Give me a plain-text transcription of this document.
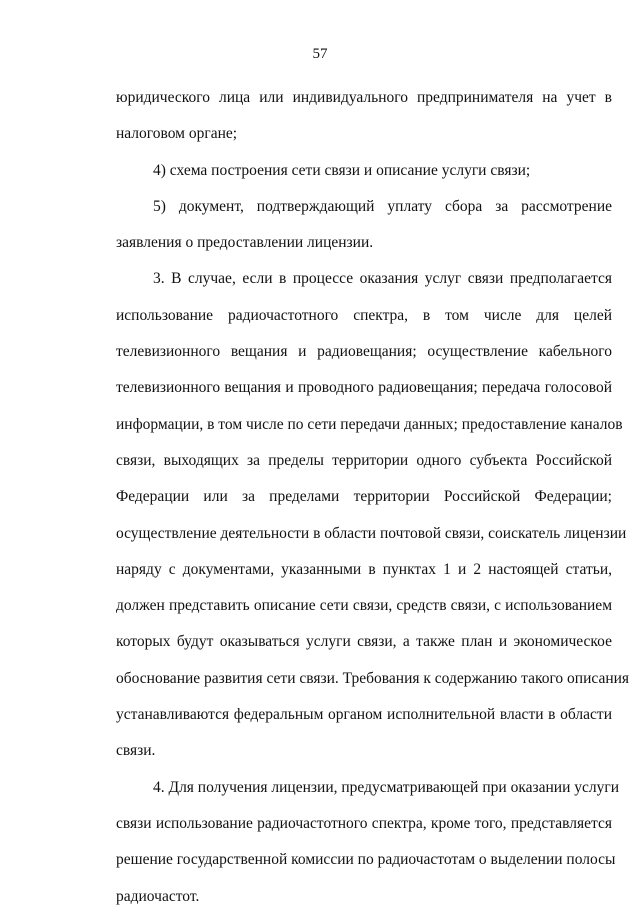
57
юридического лица или индивидуального предпринимателя на учет в
налоговом органе;
4) схема построения сети связи и описание услуги связи;
5) документ, подтверждающий уплату сбора за рассмотрение
заявления о предоставлении лицензии.
3. В случае, если в процессе оказания услуг связи предполагается
использование радиочастотного спектра, в том числе для целей
телевизионного вещания и радиовещания; осуществление кабельного
телевизионного вещания и проводного радиовещания; передача голосовой
информации, в том числе по сети передачи данных; предоставление каналов
связи, выходящих за пределы территории одного субъекта Российской
Федерации или за пределами территории Российской Федерации;
осуществление деятельности в области почтовой связи, соискатель лицензии
наряду с документами, указанными в пунктах 1 и 2 настоящей статьи,
должен представить описание сети связи, средств связи, с использованием
которых будут оказываться услуги связи, а также план и экономическое
обоснование развития сети связи. Требования к содержанию такого описания
устанавливаются федеральным органом исполнительной власти в области
связи.
4. Для получения лицензии, предусматривающей при оказании услуги
связи использование радиочастотного спектра, кроме того, представляется
решение государственной комиссии по радиочастотам о выделении полосы
радиочастот.
